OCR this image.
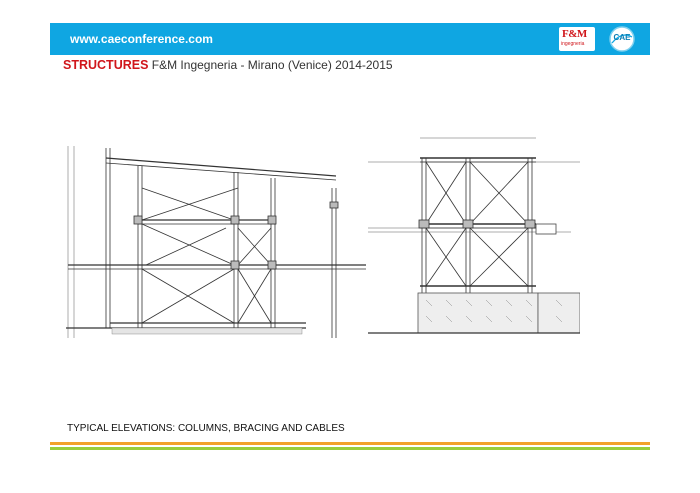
www.caeconference.com	F&M
ingegneria
CAE
STRUCTURES F&M Ingegneria - Mirano (Venice) 2014-2015
TYPICAL ELEVATIONS: COLUMNS, BRACING AND CABLES
